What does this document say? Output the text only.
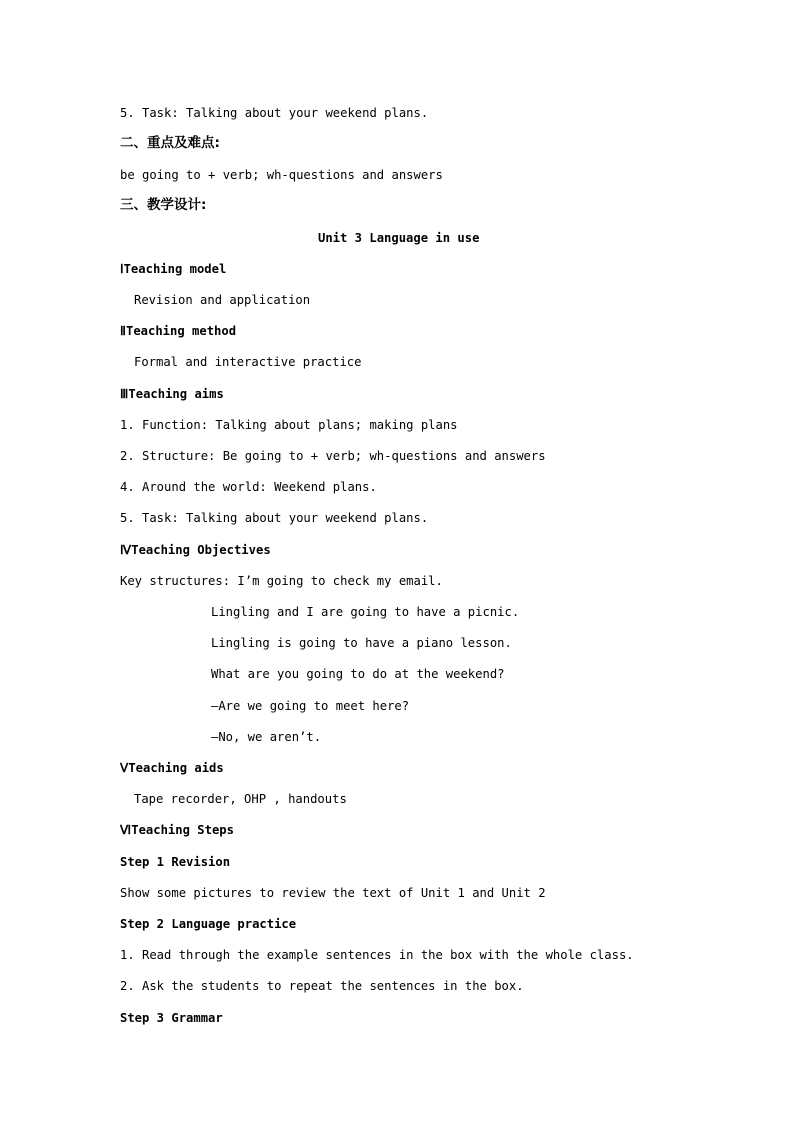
5. Task: Talking about your weekend plans.
二、重点及难点:
be going to + verb; wh-questions and answers
三、教学设计:
Unit 3 Language in use
ⅠTeaching model
Revision and application
ⅡTeaching method
Formal and interactive practice
ⅢTeaching aims
1. Function: Talking about plans; making plans
2. Structure: Be going to + verb; wh-questions and answers
4. Around the world: Weekend plans.
5. Task: Talking about your weekend plans.
ⅣTeaching Objectives
Key structures: I’m going to check my email.
Lingling and I are going to have a picnic.
Lingling is going to have a piano lesson.
What are you going to do at the weekend?
—Are we going to meet here?
—No, we aren’t.
ⅤTeaching aids
Tape recorder, OHP , handouts
ⅥTeaching Steps
Step 1 Revision
Show some pictures to review the text of Unit 1 and Unit 2
Step 2 Language practice
1. Read through the example sentences in the box with the whole class.
2. Ask the students to repeat the sentences in the box.
Step 3 Grammar
